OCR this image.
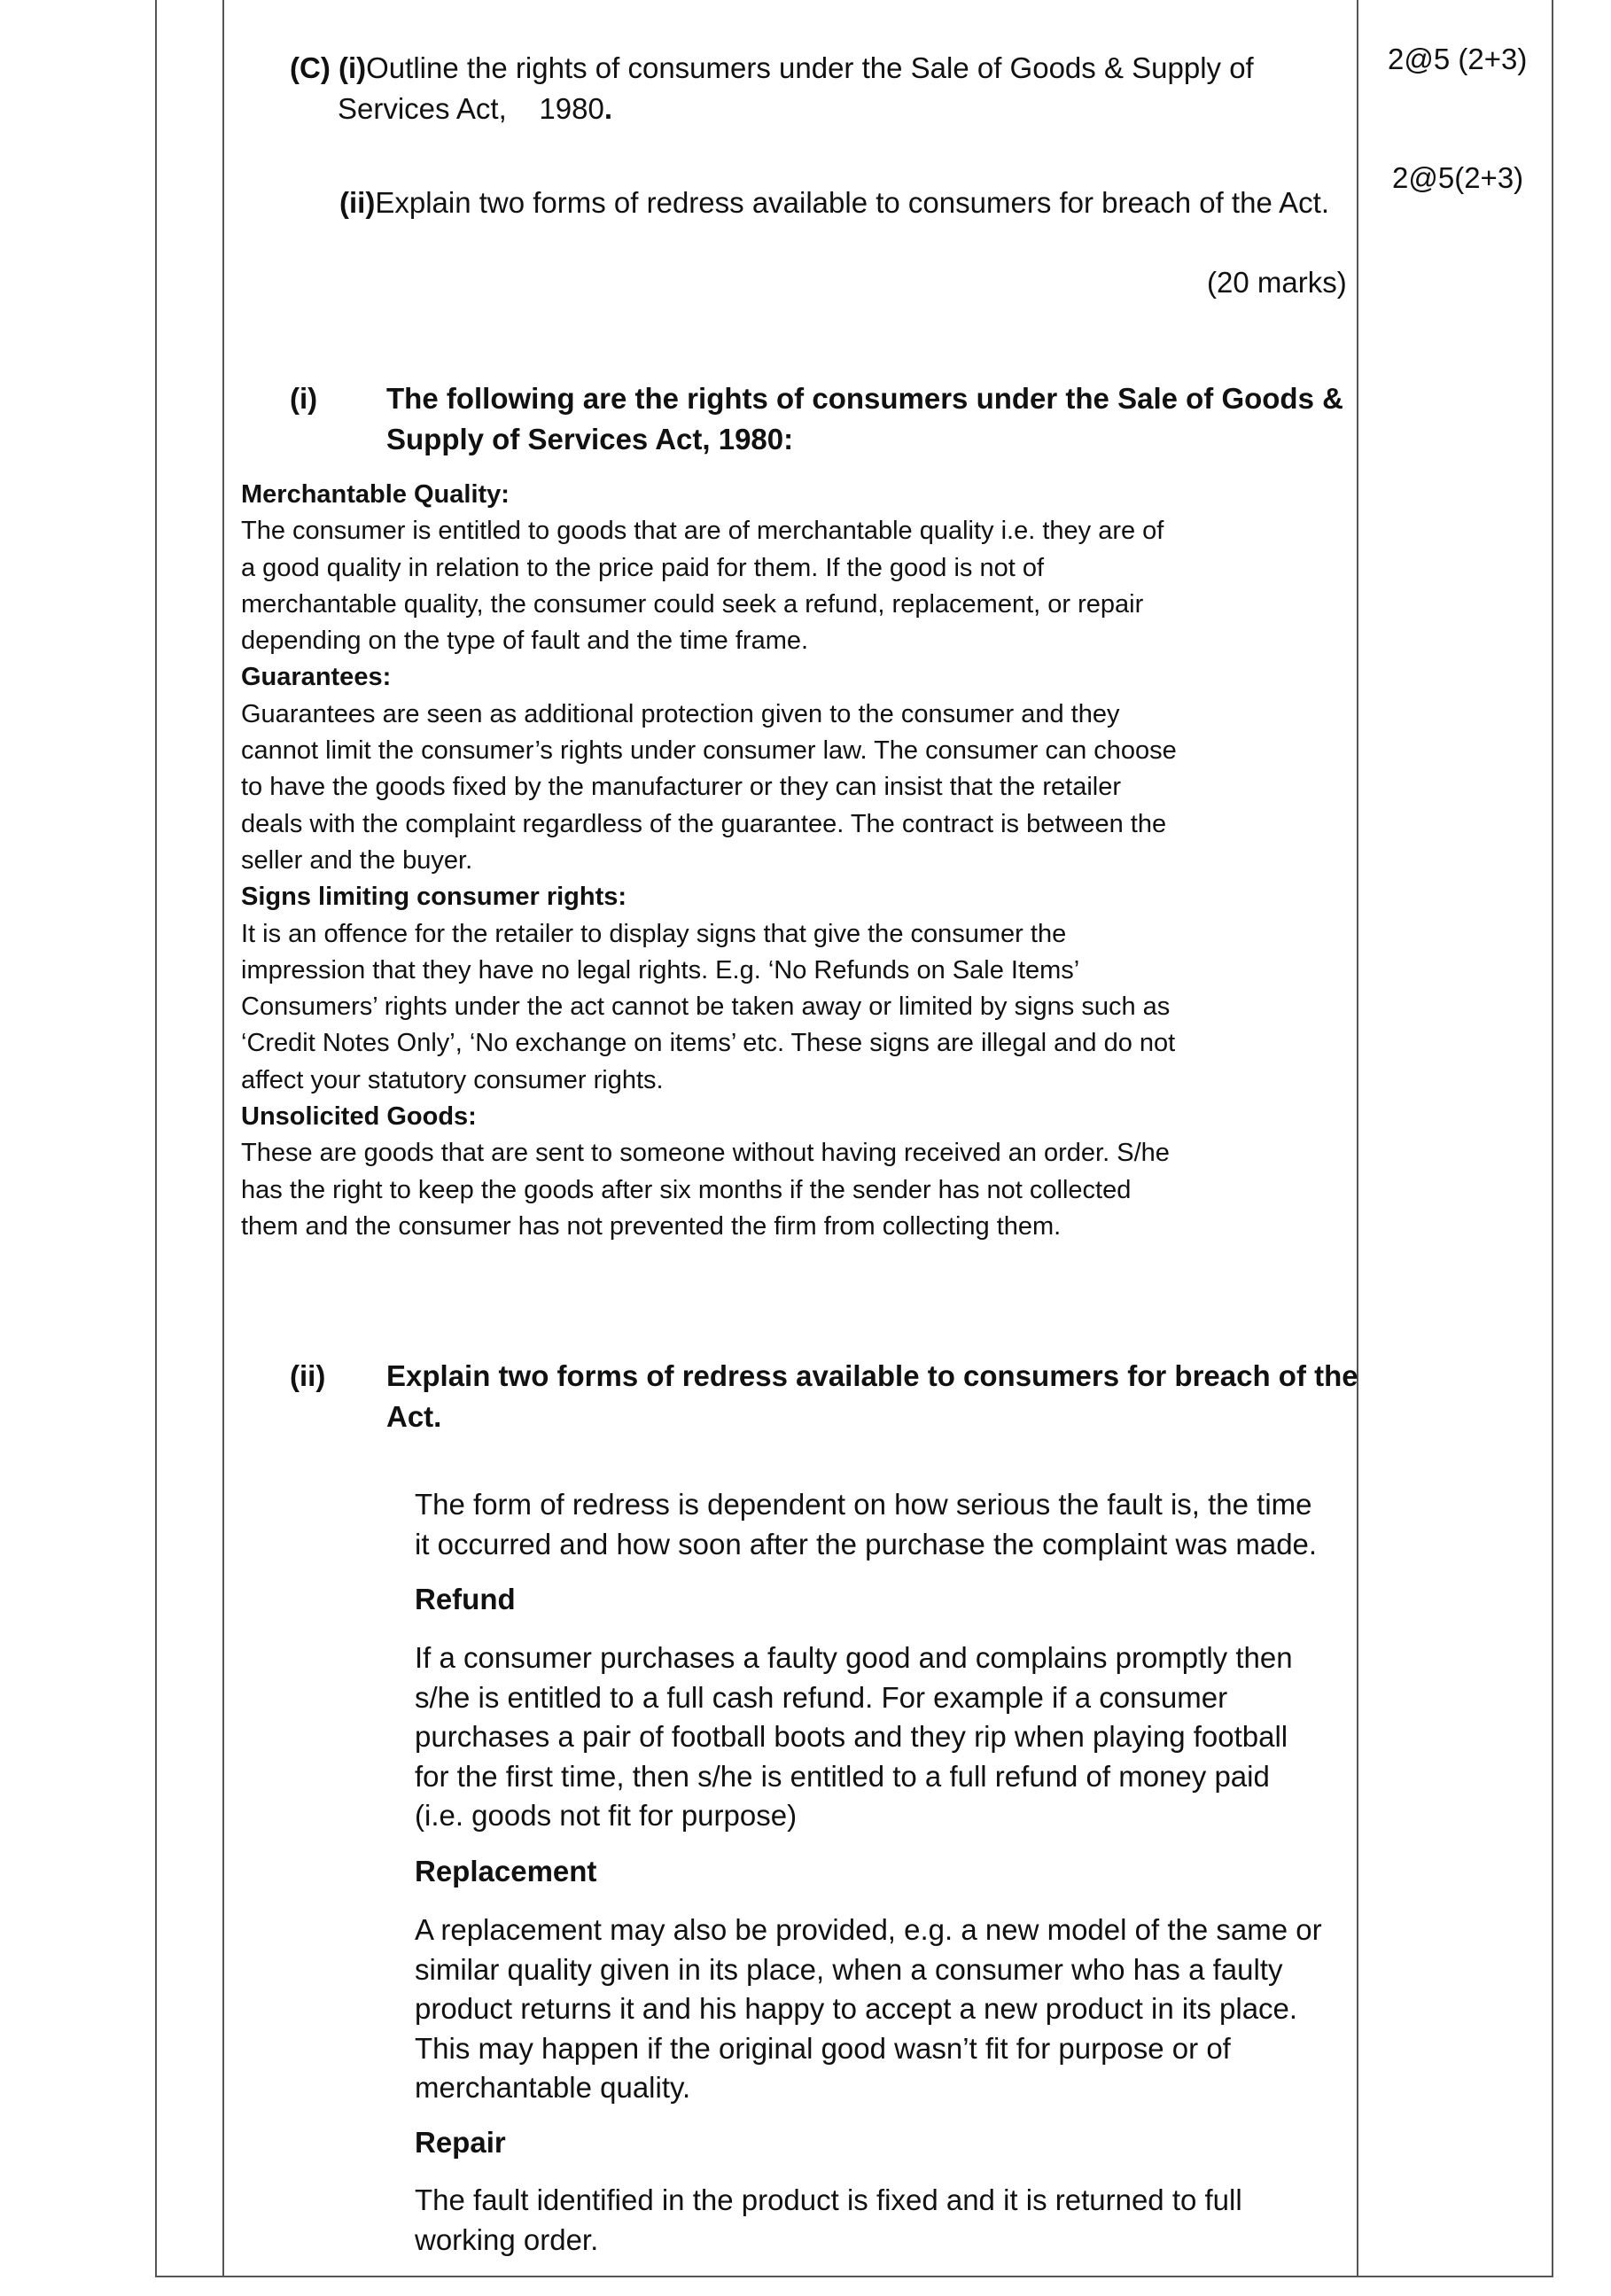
(C) (i)Outline the rights of consumers under the Sale of Goods & Supply of
Services Act,    1980.
2@5 (2+3)
2@5(2+3)
(ii)Explain two forms of redress available to consumers for breach of the Act.
(20 marks)
(i) The following are the rights of consumers under the Sale of Goods &
Supply of Services Act, 1980:
Merchantable Quality:
The consumer is entitled to goods that are of merchantable quality i.e. they are of
a good quality in relation to the price paid for them. If the good is not of
merchantable quality, the consumer could seek a refund, replacement, or repair
depending on the type of fault and the time frame.
Guarantees:
Guarantees are seen as additional protection given to the consumer and they
cannot limit the consumer’s rights under consumer law. The consumer can choose
to have the goods fixed by the manufacturer or they can insist that the retailer
deals with the complaint regardless of the guarantee. The contract is between the
seller and the buyer.
Signs limiting consumer rights:
It is an offence for the retailer to display signs that give the consumer the
impression that they have no legal rights. E.g. ‘No Refunds on Sale Items’
Consumers’ rights under the act cannot be taken away or limited by signs such as
‘Credit Notes Only’, ‘No exchange on items’ etc. These signs are illegal and do not
affect your statutory consumer rights.
Unsolicited Goods:
These are goods that are sent to someone without having received an order. S/he
has the right to keep the goods after six months if the sender has not collected
them and the consumer has not prevented the firm from collecting them.
(ii) Explain two forms of redress available to consumers for breach of the
Act.
The form of redress is dependent on how serious the fault is, the time
it occurred and how soon after the purchase the complaint was made.
Refund
If a consumer purchases a faulty good and complains promptly then
s/he is entitled to a full cash refund. For example if a consumer
purchases a pair of football boots and they rip when playing football
for the first time, then s/he is entitled to a full refund of money paid
(i.e. goods not fit for purpose)
Replacement
A replacement may also be provided, e.g. a new model of the same or
similar quality given in its place, when a consumer who has a faulty
product returns it and his happy to accept a new product in its place.
This may happen if the original good wasn’t fit for purpose or of
merchantable quality.
Repair
The fault identified in the product is fixed and it is returned to full
working order.
